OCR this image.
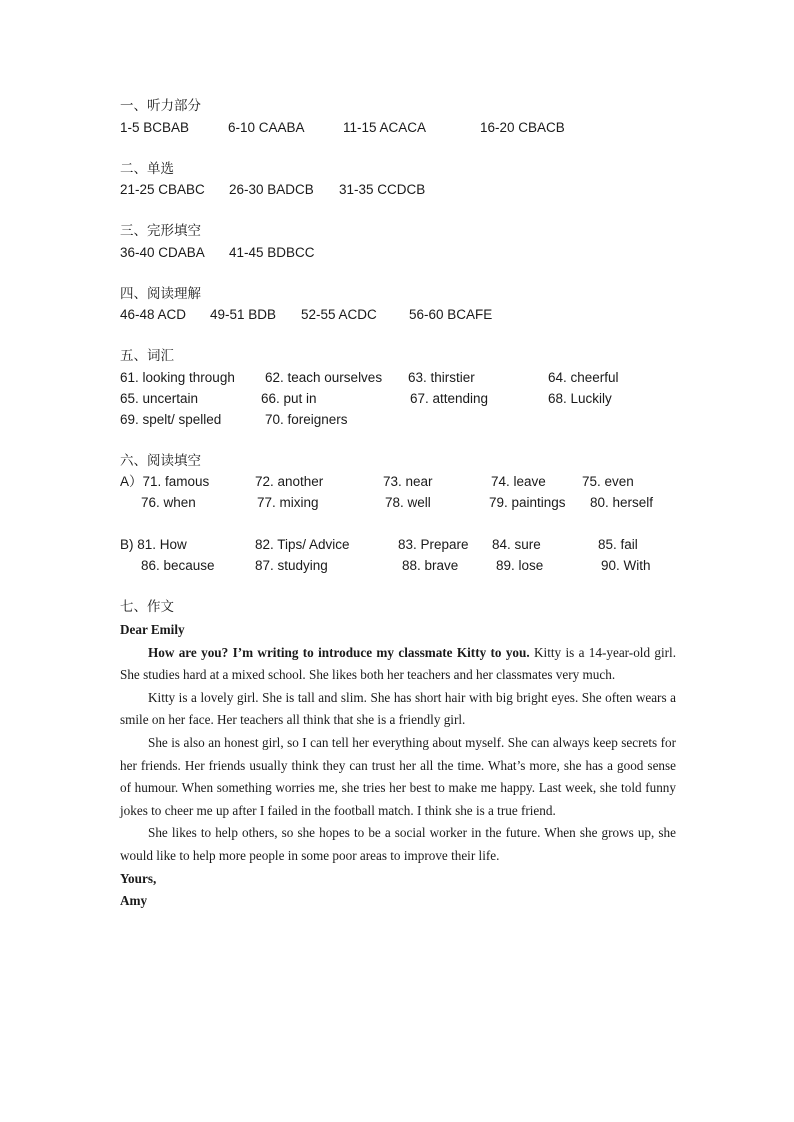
一、听力部分
1-5 BCBAB	6-10 CAABA	11-15 ACACA	16-20 CBACB
二、单选
21-25 CBABC 26-30 BADCB 31-35 CCDCB
三、完形填空
36-40 CDABA 41-45 BDBCC
四、阅读理解
46-48 ACD 49-51 BDB 52-55 ACDC 56-60 BCAFE
五、词汇
61. looking through 62. teach ourselves 63. thirstier	64. cheerful
65. uncertain	66. put in	67. attending	68. Luckily
69. spelt/ spelled	70. foreigners
六、阅读填空
A）71. famous	72. another	73. near	74. leave	75. even
76. when	77. mixing	78. well	79. paintings 80. herself
B) 81. How	82. Tips/ Advice	83. Prepare 84. sure	85. fail
86. because	87. studying	88. brave	89. lose	90. With
七、作文

Dear Emily

How are you? I’m writing to introduce my classmate Kitty to you. Kitty is a 14-year-old girl. She studies hard at a mixed school. She likes both her teachers and her classmates very much.

Kitty is a lovely girl. She is tall and slim. She has short hair with big bright eyes. She often wears a smile on her face. Her teachers all think that she is a friendly girl.

She is also an honest girl, so I can tell her everything about myself. She can always keep secrets for her friends. Her friends usually think they can trust her all the time. What’s more, she has a good sense of humour. When something worries me, she tries her best to make me happy. Last week, she told funny jokes to cheer me up after I failed in the football match. I think she is a true friend.

She likes to help others, so she hopes to be a social worker in the future. When she grows up, she would like to help more people in some poor areas to improve their life.

Yours,

Amy
